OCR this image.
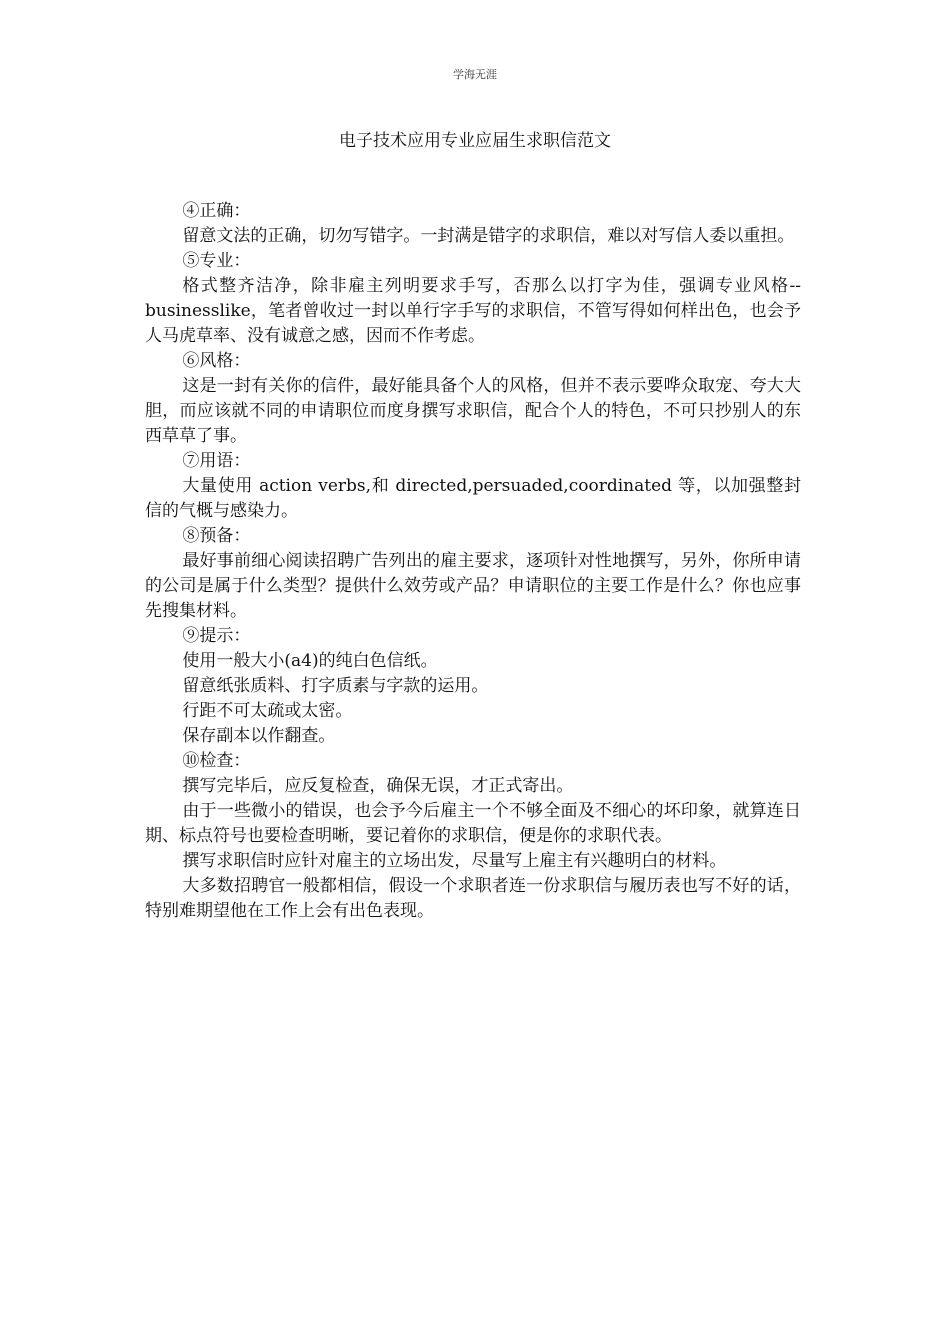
学海无涯
电子技术应用专业应届生求职信范文

④正确：

留意文法的正确，切勿写错字。一封满是错字的求职信，难以对写信人委以重担。

⑤专业：

格式整齐洁净，除非雇主列明要求手写，否那么以打字为佳，强调专业风格--businesslike，笔者曾收过一封以单行字手写的求职信，不管写得如何样出色，也会予人马虎草率、没有诚意之感，因而不作考虑。

⑥风格：

这是一封有关你的信件，最好能具备个人的风格，但并不表示要哗众取宠、夸大大胆，而应该就不同的申请职位而度身撰写求职信，配合个人的特色，不可只抄别人的东西草草了事。

⑦用语：

大量使用 action verbs,和 directed,persuaded,coordinated 等，以加强整封信的气概与感染力。

⑧预备：

最好事前细心阅读招聘广告列出的雇主要求，逐项针对性地撰写，另外，你所申请的公司是属于什么类型？提供什么效劳或产品？申请职位的主要工作是什么？你也应事先搜集材料。

⑨提示：

使用一般大小(a4)的纯白色信纸。

留意纸张质料、打字质素与字款的运用。

行距不可太疏或太密。

保存副本以作翻查。

⑩检查：

撰写完毕后，应反复检查，确保无误，才正式寄出。

由于一些微小的错误，也会予今后雇主一个不够全面及不细心的坏印象，就算连日期、标点符号也要检查明晰，要记着你的求职信，便是你的求职代表。

撰写求职信时应针对雇主的立场出发，尽量写上雇主有兴趣明白的材料。

大多数招聘官一般都相信，假设一个求职者连一份求职信与履历表也写不好的话，特别难期望他在工作上会有出色表现。
